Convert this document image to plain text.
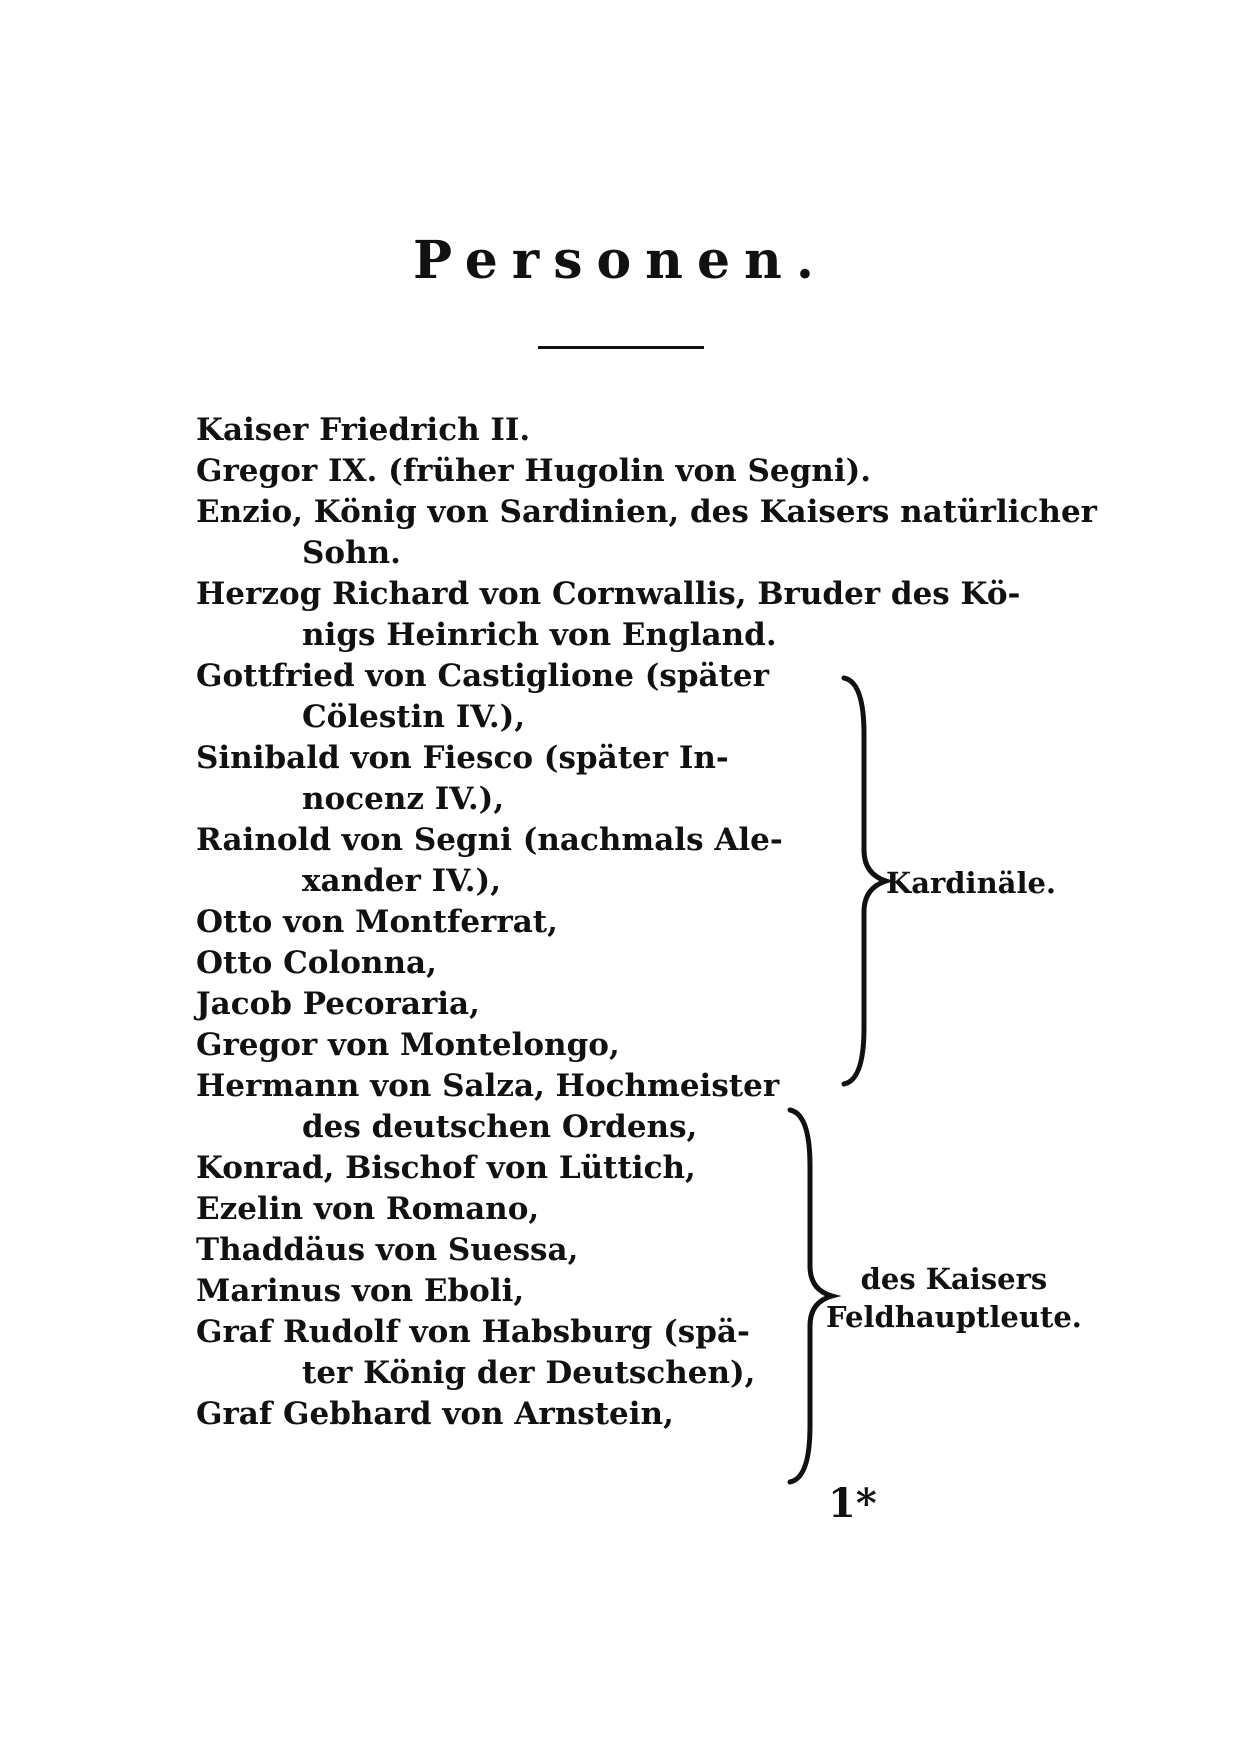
Personen.
Kaiser Friedrich II.
Gregor IX. (früher Hugolin von Segni).
Enzio, König von Sardinien, des Kaisers natürlicher
Sohn.
Herzog Richard von Cornwallis, Bruder des Kö-
nigs Heinrich von England.
Gottfried von Castiglione (später
Cölestin IV.),
Sinibald von Fiesco (später In-
nocenz IV.),
Rainold von Segni (nachmals Ale-
xander IV.),
Otto von Montferrat,
Otto Colonna,
Jacob Pecoraria,
Gregor von Montelongo,
Hermann von Salza, Hochmeister
des deutschen Ordens,
Konrad, Bischof von Lüttich,
Ezelin von Romano,
Thaddäus von Suessa,
Marinus von Eboli,
Graf Rudolf von Habsburg (spä-
ter König der Deutschen),
Graf Gebhard von Arnstein,
Kardinäle.
des Kaisers
Feldhauptleute.
1*
